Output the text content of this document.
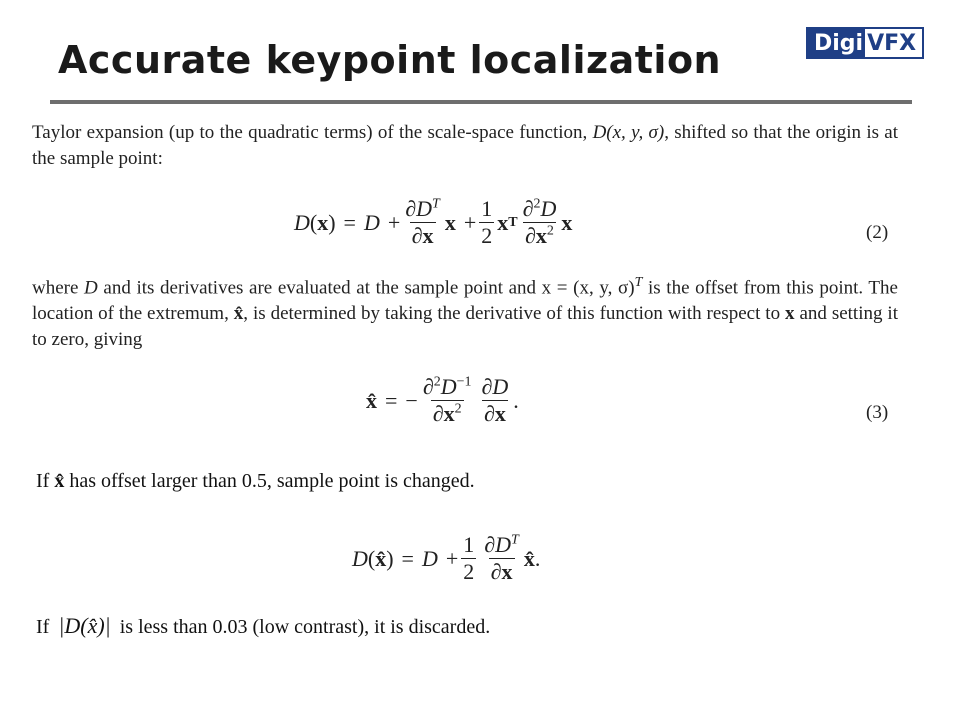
Accurate keypoint localization	Digi VFX
Taylor expansion (up to the quadratic terms) of the scale-space function, D(x, y, σ), shifted so that the origin is at the sample point:
D ( x ) = $D + \frac{\partial D^T}{\partial x}$ $x + \frac{1}{2}$ x T $\frac{\partial^2D}{\partial x^2}$ x	(2)
where D and its derivatives are evaluated at the sample point and x = (x, y, σ)$^T$ is the offset from this point. The location of the extremum, x̂, is determined by taking the derivative of this function with respect to x and setting it to zero, giving
x̂ = − $\frac{\partial^2D^{-1}}{\partial x^2} \frac{\partial D}{\partial x}$ .	(3)
If x̂ has offset larger than 0.5, sample point is changed.
D ( x̂ ) = $D + \frac{1}{2} \frac{\partial D^T}{\partial x}$ x̂ .
If |D(x̂)| is less than 0.03 (low contrast), it is discarded.
